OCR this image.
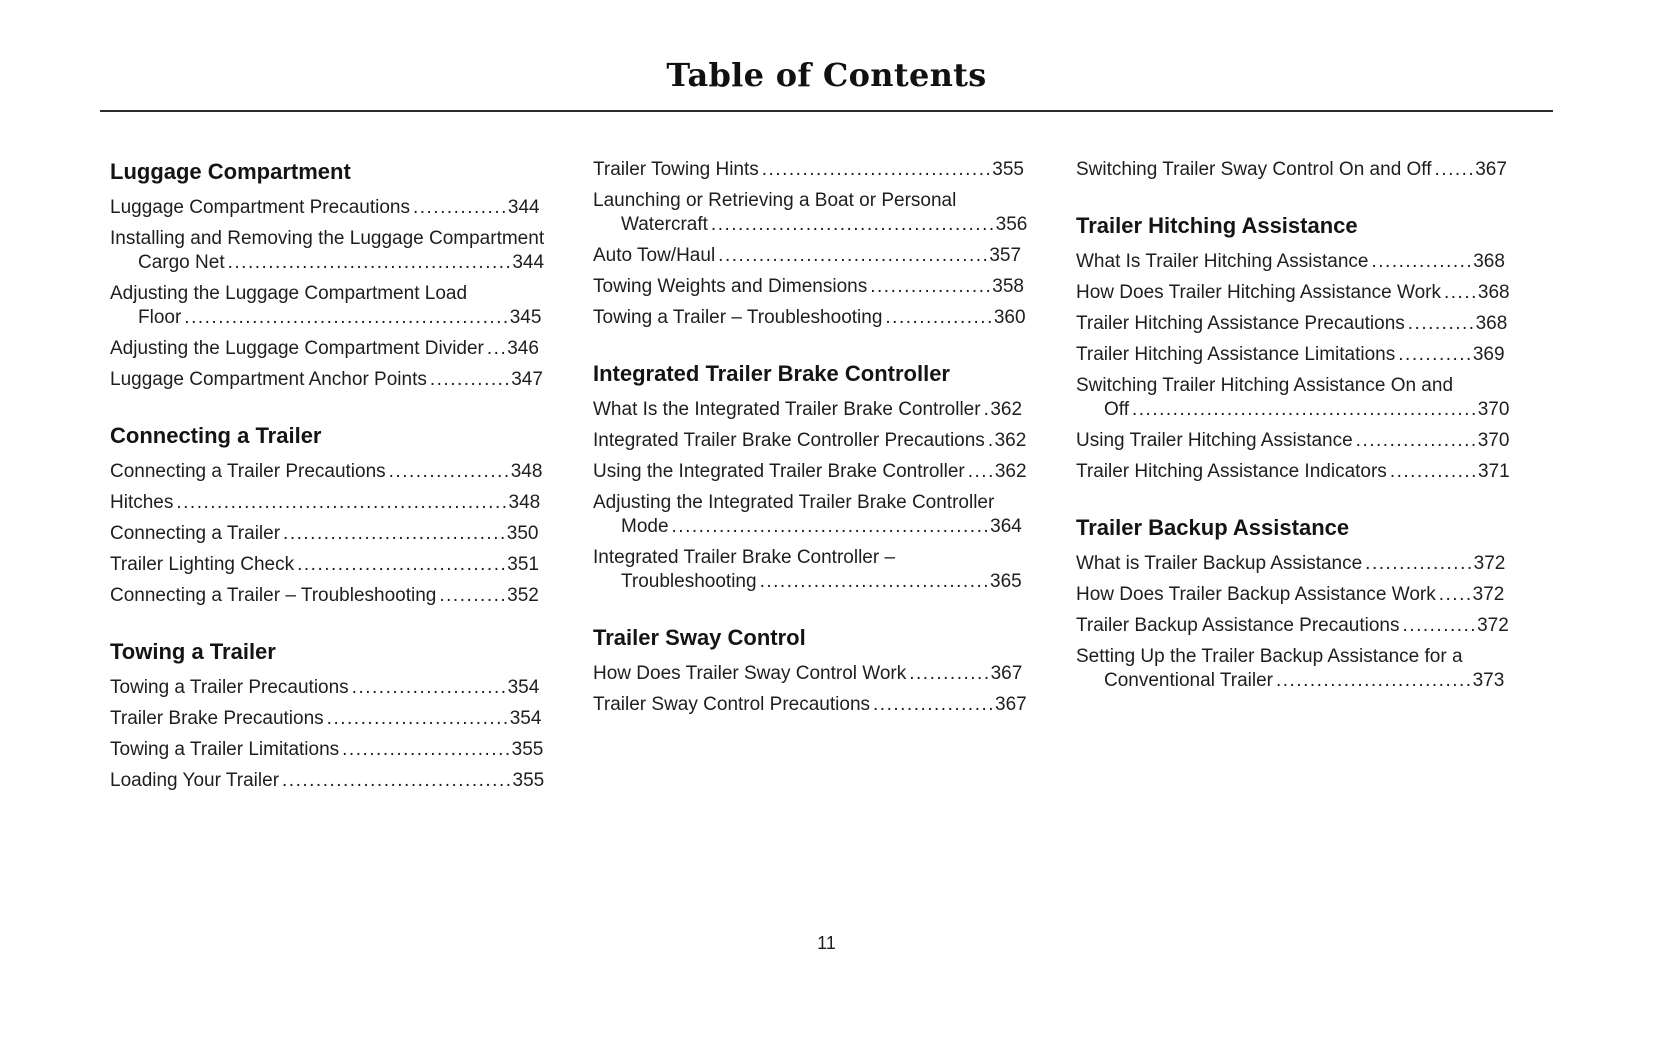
Table of Contents
Luggage Compartment
Luggage Compartment Precautions ..............344
Installing and Removing the Luggage Compartment Cargo Net ..........................................344
Adjusting the Luggage Compartment Load Floor ................................................345
Adjusting the Luggage Compartment Divider ...346
Luggage Compartment Anchor Points ............347
Connecting a Trailer
Connecting a Trailer Precautions ..................348
Hitches .................................................348
Connecting a Trailer .................................350
Trailer Lighting Check ...............................351
Connecting a Trailer – Troubleshooting ..........352
Towing a Trailer
Towing a Trailer Precautions .......................354
Trailer Brake Precautions ...........................354
Towing a Trailer Limitations .........................355
Loading Your Trailer ..................................355
Trailer Towing Hints ..................................355
Launching or Retrieving a Boat or Personal Watercraft ..........................................356
Auto Tow/Haul ........................................357
Towing Weights and Dimensions ..................358
Towing a Trailer – Troubleshooting ................360
Integrated Trailer Brake Controller
What Is the Integrated Trailer Brake Controller .362
Integrated Trailer Brake Controller Precautions .362
Using the Integrated Trailer Brake Controller ....362
Adjusting the Integrated Trailer Brake Controller Mode ...............................................364
Integrated Trailer Brake Controller – Troubleshooting ..................................365
Trailer Sway Control
How Does Trailer Sway Control Work ............367
Trailer Sway Control Precautions ..................367
Switching Trailer Sway Control On and Off ......367
Trailer Hitching Assistance
What Is Trailer Hitching Assistance ...............368
How Does Trailer Hitching Assistance Work .....368
Trailer Hitching Assistance Precautions ..........368
Trailer Hitching Assistance Limitations ...........369
Switching Trailer Hitching Assistance On and Off ...................................................370
Using Trailer Hitching Assistance ..................370
Trailer Hitching Assistance Indicators .............371
Trailer Backup Assistance
What is Trailer Backup Assistance ................372
How Does Trailer Backup Assistance Work .....372
Trailer Backup Assistance Precautions ...........372
Setting Up the Trailer Backup Assistance for a Conventional Trailer .............................373
11
